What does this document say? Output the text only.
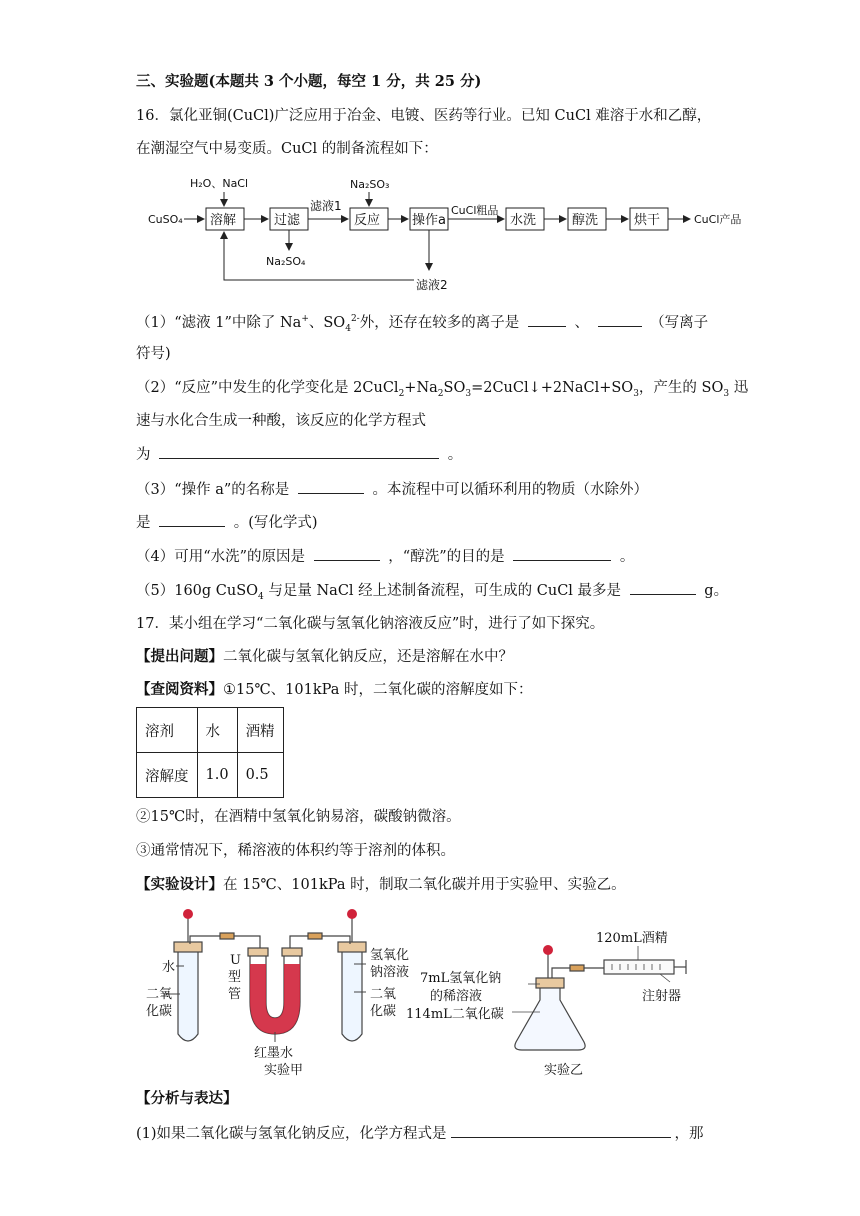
三、实验题(本题共 3 个小题，每空 1 分，共 25 分)
16．氯化亚铜(CuCl)广泛应用于冶金、电镀、医药等行业。已知 CuCl 难溶于水和乙醇，
在潮湿空气中易变质。CuCl 的制备流程如下：
CuSO₄
H₂O、NaCl	Na₂SO₃
滤液1	CuCl粗品
CuCl产品
Na₂SO₄
滤液2
溶解	过滤	反应 操作a	水洗	醇洗	烘干
（1）“滤液 1”中除了 Na+、$SO_4^{2-}$外，还存在较多的离子是	、	（写离子
符号)
（2）“反应”中发生的化学变化是 $2CuCl_2+Na_2SO_3=2CuCl↓+2NaCl+SO_3$，产生的 $SO_3$ 迅
速与水化合生成一种酸，该反应的化学方程式
为	。
（3）“操作 a”的名称是	。本流程中可以循环利用的物质（水除外）
是	。(写化学式)
（4）可用“水洗”的原因是	，“醇洗”的目的是	。
（5）160g CuSO$_4$ 与足量 NaCl 经上述制备流程，可生成的 CuCl 最多是	g。
17．某小组在学习“二氧化碳与氢氧化钠溶液反应”时，进行了如下探究。
【提出问题】二氧化碳与氢氧化钠反应，还是溶解在水中？
【查阅资料】①15℃、101kPa 时，二氧化碳的溶解度如下：
溶剂	水	酒精
溶解度	1.0	0.5
②15℃时，在酒精中氢氧化钠易溶，碳酸钠微溶。
③通常情况下，稀溶液的体积约等于溶剂的体积。
【实验设计】在 15℃、101kPa 时，制取二氧化碳并用于实验甲、实验乙。
水
二氧
化碳
U
型
管
氢氧化
钠溶液
二氧
化碳
红墨水
实验甲
120mL酒精
7mL氢氧化钠
的稀溶液	注射器
114mL二氧化碳
实验乙
【分析与表达】
(1)如果二氧化碳与氢氧化钠反应，化学方程式是	，那
